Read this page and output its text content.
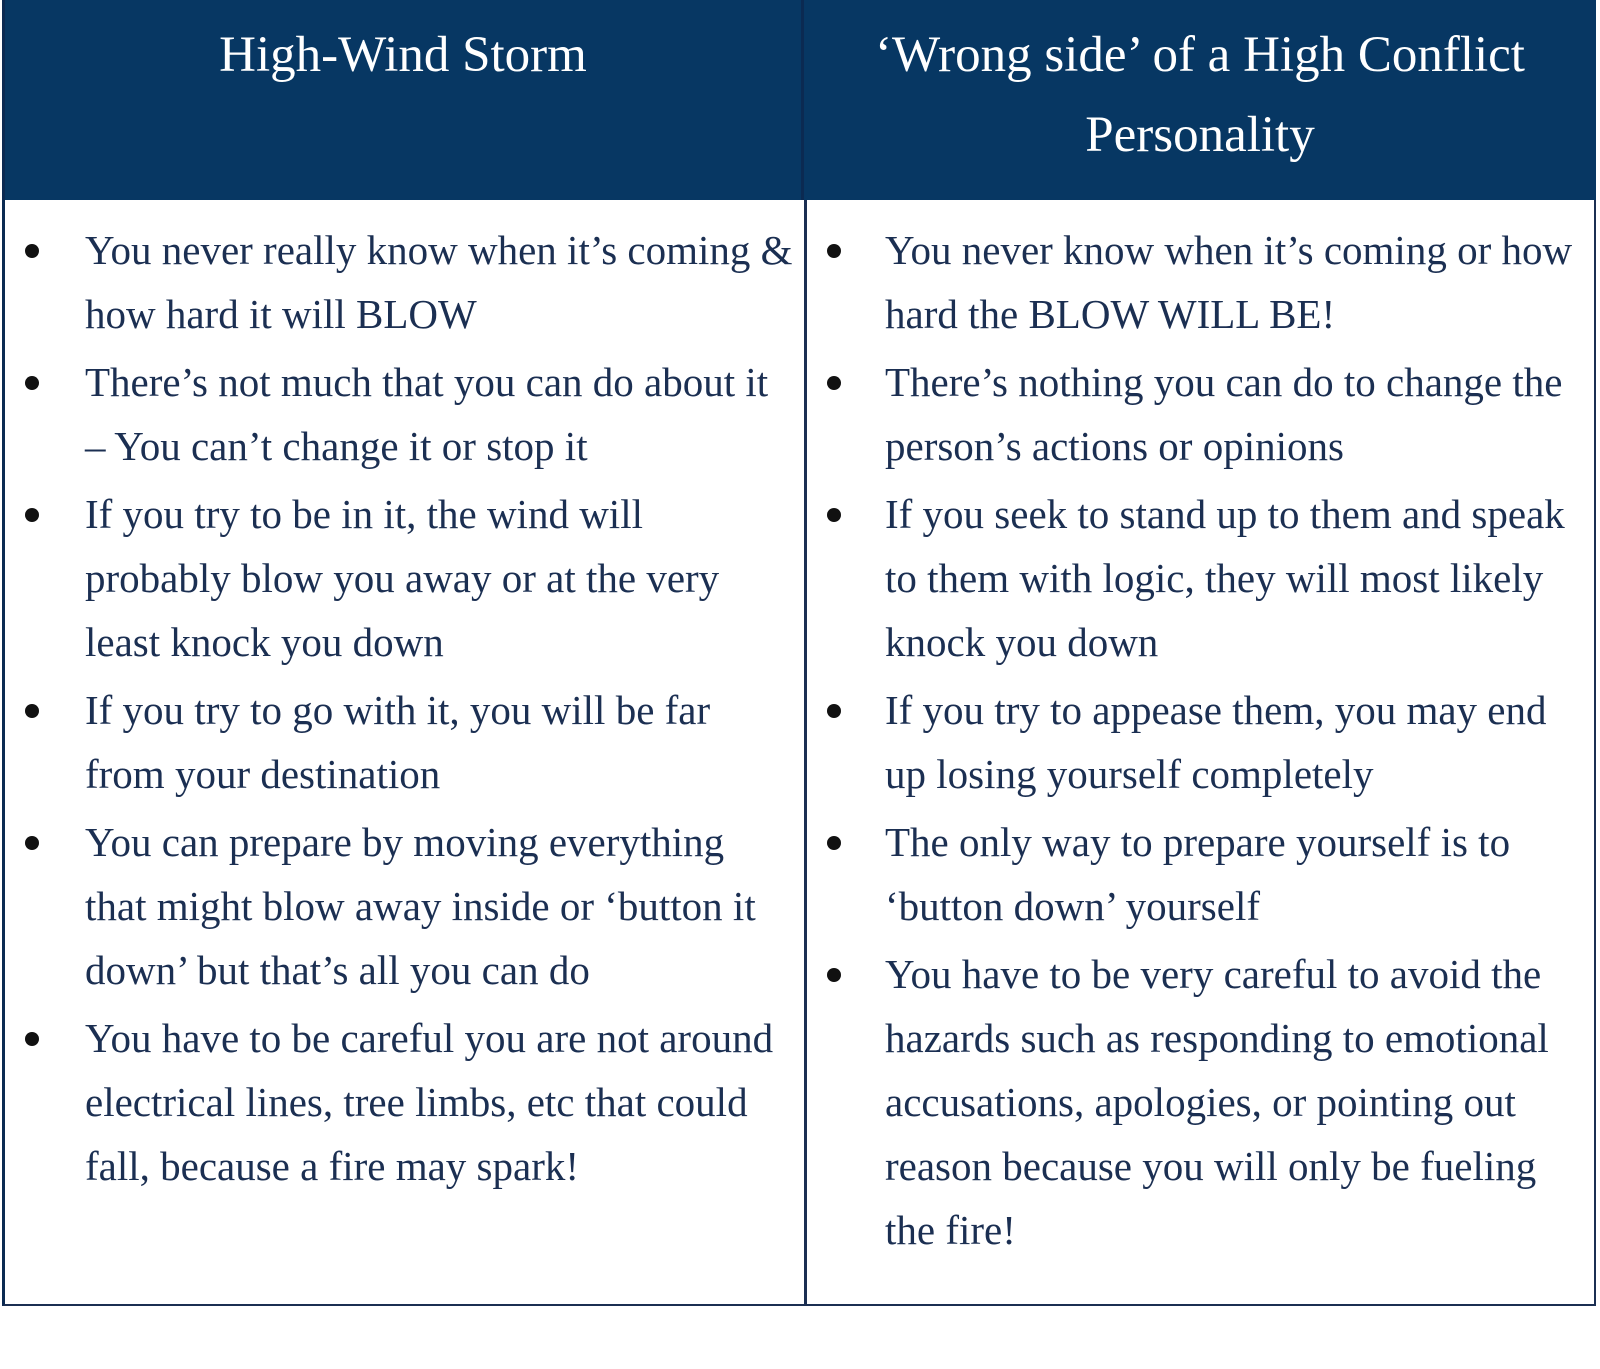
High-Wind Storm	‘Wrong side’ of a High Conflict Personality
You never really know when it’s coming & how hard it will BLOW
There’s not much that you can do about it – You can’t change it or stop it
If you try to be in it, the wind will probably blow you away or at the very least knock you down
If you try to go with it, you will be far from your destination
You can prepare by moving everything that might blow away inside or ‘button it down’ but that’s all you can do
You have to be careful you are not around electrical lines, tree limbs, etc that could fall, because a fire may spark!
You never know when it’s coming or how hard the BLOW WILL BE!
There’s nothing you can do to change the person’s actions or opinions
If you seek to stand up to them and speak to them with logic, they will most likely knock you down
If you try to appease them, you may end up losing yourself completely
The only way to prepare yourself is to ‘button down’ yourself
You have to be very careful to avoid the hazards such as responding to emotional accusations, apologies, or pointing out reason because you will only be fueling the fire!
